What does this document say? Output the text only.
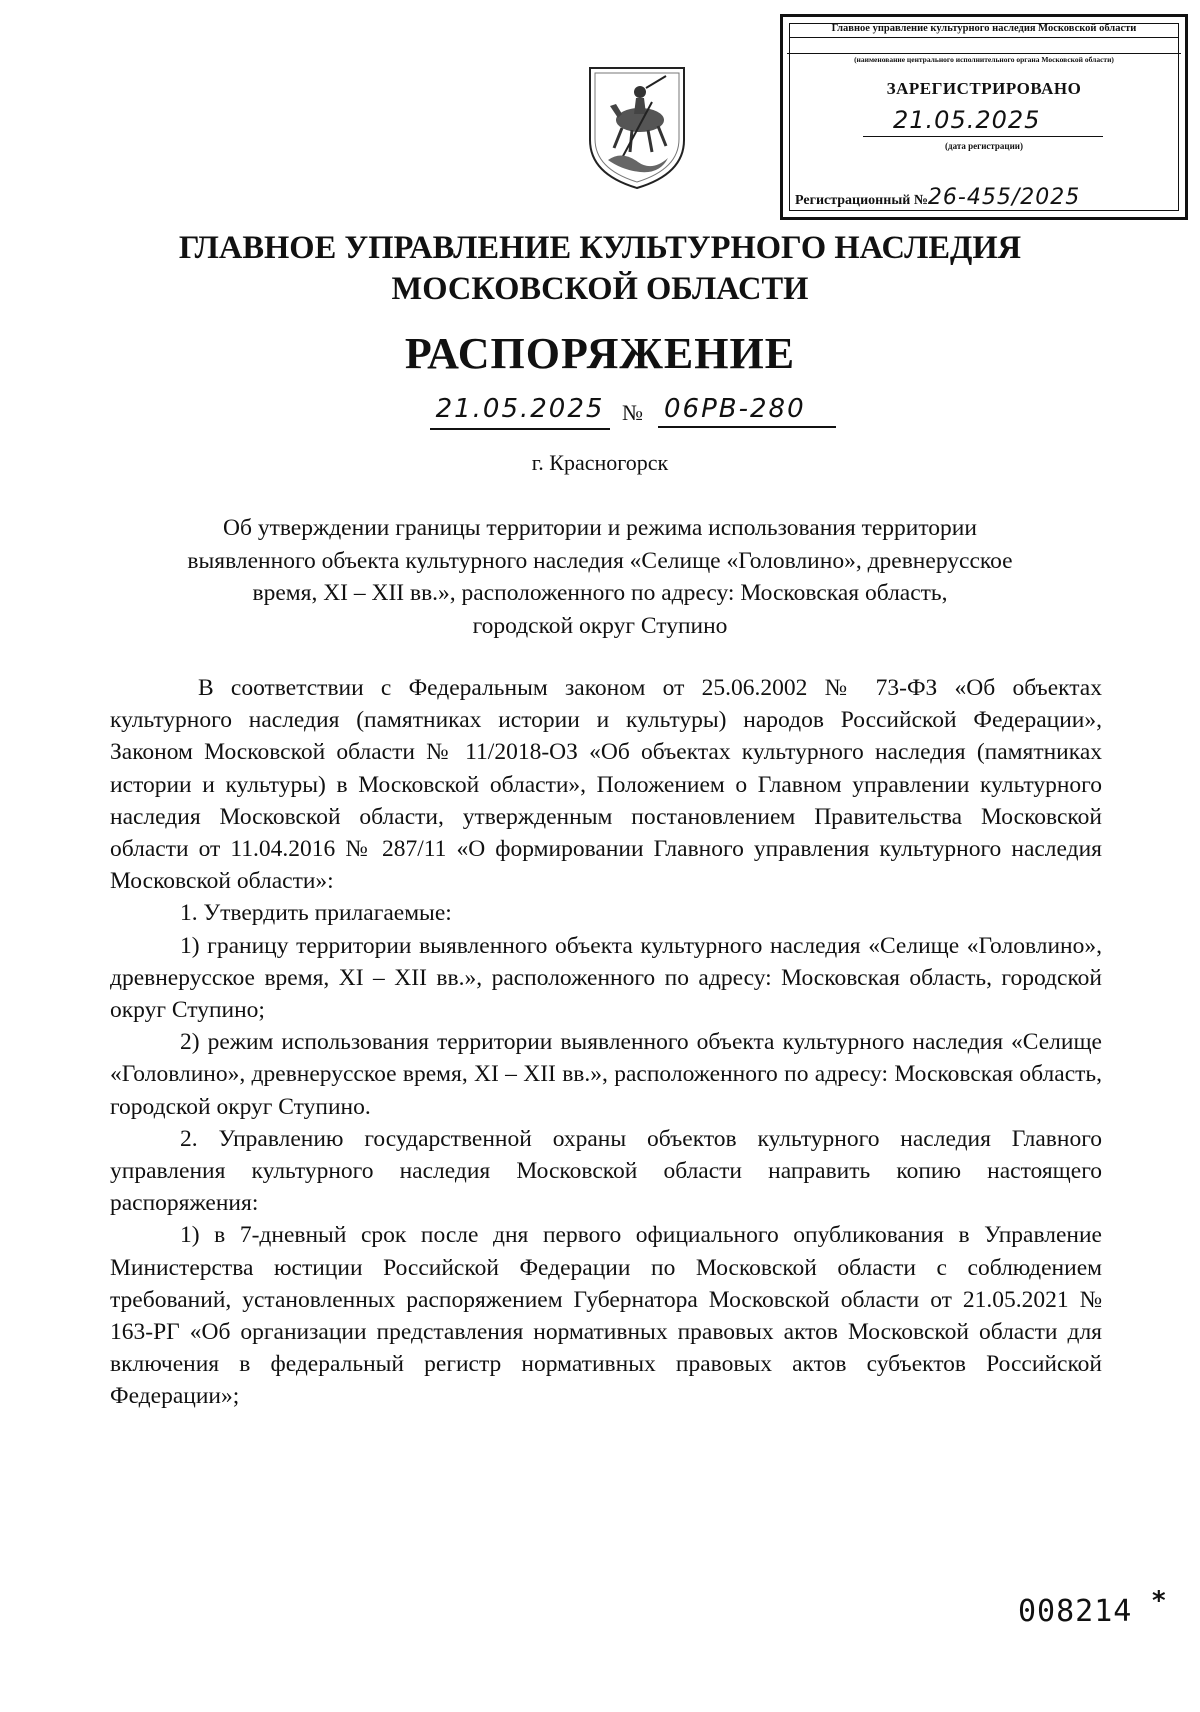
Главное управление культурного наследия Московской области
(наименование центрального исполнительного органа Московской области)
ЗАРЕГИСТРИРОВАНО
21.05.2025
(дата регистрации)
Регистрационный №26-455/2025
ГЛАВНОЕ УПРАВЛЕНИЕ КУЛЬТУРНОГО НАСЛЕДИЯ
МОСКОВСКОЙ ОБЛАСТИ
РАСПОРЯЖЕНИЕ
21.05.2025 № 06РВ-280
г. Красногорск
Об утверждении границы территории и режима использования территории
выявленного объекта культурного наследия «Селище «Головлино», древнерусское
время, XI – XII вв.», расположенного по адресу: Московская область,
городской округ Ступино

В соответствии с Федеральным законом от 25.06.2002 № 73-ФЗ «Об объектах культурного наследия (памятниках истории и культуры) народов Российской Федерации», Законом Московской области № 11/2018-ОЗ «Об объектах культурного наследия (памятниках истории и культуры) в Московской области», Положением о Главном управлении культурного наследия Московской области, утвержденным постановлением Правительства Московской области от 11.04.2016 № 287/11 «О формировании Главного управления культурного наследия Московской области»:

1. Утвердить прилагаемые:

1) границу территории выявленного объекта культурного наследия «Селище «Головлино», древнерусское время, XI – XII вв.», расположенного по адресу: Московская область, городской округ Ступино;

2) режим использования территории выявленного объекта культурного наследия «Селище «Головлино», древнерусское время, XI – XII вв.», расположенного по адресу: Московская область, городской округ Ступино.

2. Управлению государственной охраны объектов культурного наследия Главного управления культурного наследия Московской области направить копию настоящего распоряжения:

1) в 7-дневный срок после дня первого официального опубликования в Управление Министерства юстиции Российской Федерации по Московской области с соблюдением требований, установленных распоряжением Губернатора Московской области от 21.05.2021 № 163-РГ «Об организации представления нормативных правовых актов Московской области для включения в федеральный регистр нормативных правовых актов субъектов Российской Федерации»;

008214 *
